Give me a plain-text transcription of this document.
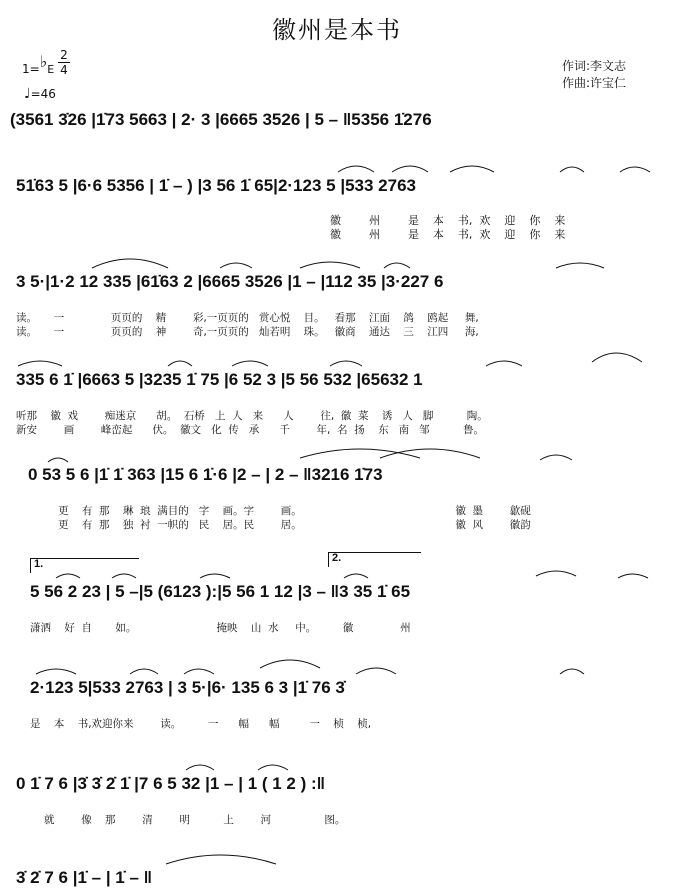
徽州是本书
1=♭E
2
4
♩=46
作词:李文志
作曲:许宝仁
(3561 3̇26 |1̇73 5663 | 2· 3 |6665 3526 | 5 – ‖5356 1̇276
51̇63 5 |6·6 5356 | 1̇ – ) |3 56 1̇ 65|2·123 5 |533 2763
徽        州        是    本    书,  欢    迎    你    来
徽        州        是    本    书,  欢    迎    你    来
3 5·|1·2 12 335 |61̇63 2 |6665 3526 |1 – |112 35 |3·227 6
读。     一              页页的    精        彩,一页页的   赏心悦    目。   看那    江面    鸽    鸥起     舞,
读。     一              页页的    神        奇,一页页的   灿若明    珠。   徽商    通达    三    江四     海,
335 6 1̇ |6663 5 |3235 1̇ 75 |6 52 3 |5 56 532 |65632 1
听那    徽  戏        痴迷京      胡。  石桥   上  人   来      人        往,  徽  菜    诱   人   脚          陶。
新安        画        峰峦起      伏。  徽文   化  传   承      千        年,  名  扬    东   南   邹          鲁。
0 53 5 6 |1̇ 1̇ 363 |15 6 1̇·6 |2 – | 2 – ‖3216 1̇73
更    有  那    琳  琅  满目的   字    画。字        画。                                              徽  墨        歙砚
更    有  那    独  衬  一帜的   民    居。民        居。                                              徽  风        徽韵
1.	2.
5 56 2 23 | 5 –|5 (6123 ):|5 56 1 12 |3 – ‖3 35 1̇ 65
潇洒    好  自       如。                        掩映    山  水     中。        徽              州
2·123 5|533 2763 | 3 5·|6· 135 6 3 |1̇ 76 3̇
是    本    书,欢迎你来        读。        一      幅      幅         一    桢    桢,
0 1̇ 7 6 |3̇ 3̇ 2̇ 1̇ |7 6 5 32 |1 – | 1 ( 1 2 ) :‖
就        像    那        清        明          上        河                图。
3̇ 2̇ 7 6 |1̇ – | 1̇ – ‖
